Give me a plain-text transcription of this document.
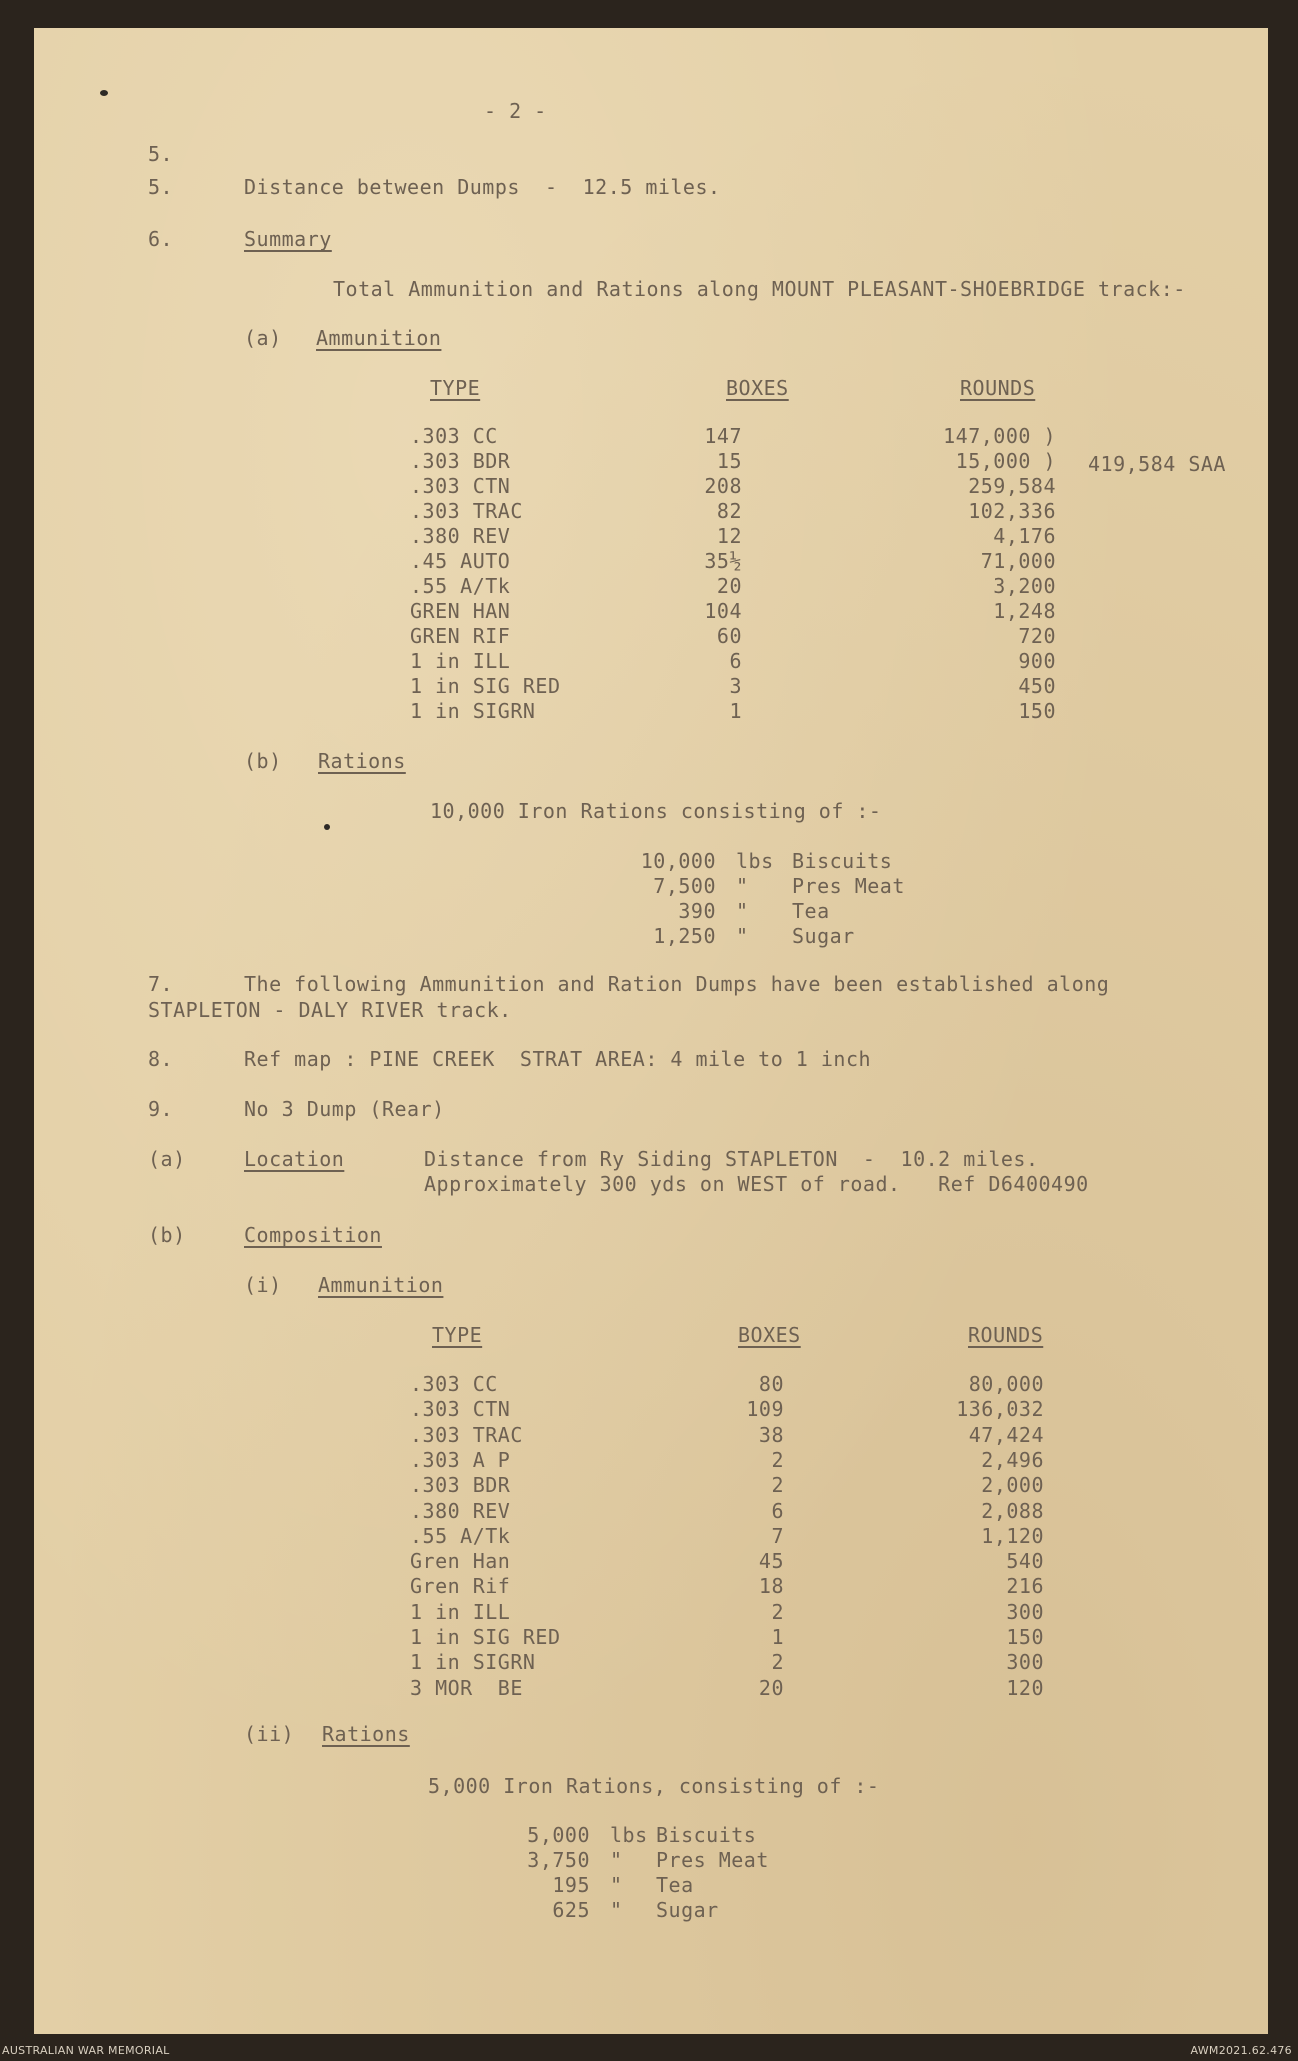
- 2 -
5.
5.	Distance between Dumps  -  12.5 miles.
6.	Summary
Total Ammunition and Rations along MOUNT PLEASANT-SHOEBRIDGE track:-
(a) Ammunition
TYPE	BOXES	ROUNDS
.303 CC	147	147,000 )
.303 BDR	15	15,000 )
.303 CTN	208	259,584
.303 TRAC	82	102,336
.380 REV	12	4,176
.45 AUTO	35½	71,000
.55 A/Tk	20	3,200
GREN HAN	104	1,248
GREN RIF	60	720
1 in ILL	6	900
1 in SIG RED	3	450
1 in SIGRN	1	150
419,584 SAA
(b) Rations
10,000 Iron Rations consisting of :-
10,000 lbs Biscuits
7,500 " Pres Meat
390 " Tea
1,250 " Sugar
7.	The following Ammunition and Ration Dumps have been established along
STAPLETON - DALY RIVER track.
8.	Ref map : PINE CREEK  STRAT AREA: 4 mile to 1 inch
9.	No 3 Dump (Rear)
(a)	Location	Distance from Ry Siding STAPLETON  -  10.2 miles.
Approximately 300 yds on WEST of road.   Ref D6400490
(b)	Composition
(i) Ammunition
TYPE	BOXES	ROUNDS
.303 CC	80	80,000
.303 CTN	109	136,032
.303 TRAC	38	47,424
.303 A P	2	2,496
.303 BDR	2	2,000
.380 REV	6	2,088
.55 A/Tk	7	1,120
Gren Han	45	540
Gren Rif	18	216
1 in ILL	2	300
1 in SIG RED	1	150
1 in SIGRN	2	300
3 MOR  BE	20	120
(ii) Rations
5,000 Iron Rations, consisting of :-
5,000 lbs Biscuits
3,750 " Pres Meat
195 " Tea
625 " Sugar
AUSTRALIAN WAR MEMORIAL	AWM2021.62.476
